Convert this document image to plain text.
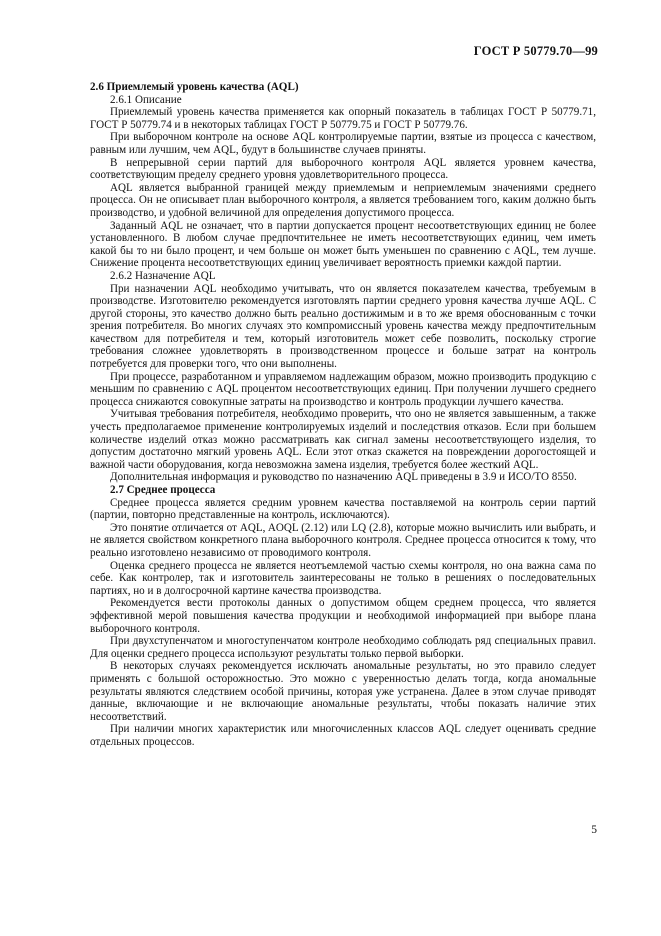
ГОСТ Р 50779.70—99

2.6 Приемлемый уровень качества (AQL)

2.6.1 Описание

Приемлемый уровень качества применяется как опорный показатель в таблицах ГОСТ Р 50779.71, ГОСТ Р 50779.74 и в некоторых таблицах ГОСТ Р 50779.75 и ГОСТ Р 50779.76.

При выборочном контроле на основе AQL контролируемые партии, взятые из процесса с качеством, равным или лучшим, чем AQL, будут в большинстве случаев приняты.

В непрерывной серии партий для выборочного контроля AQL является уровнем качества, соответствующим пределу среднего уровня удовлетворительного процесса.

AQL является выбранной границей между приемлемым и неприемлемым значениями среднего процесса. Он не описывает план выборочного контроля, а является требованием того, каким должно быть производство, и удобной величиной для определения допустимого процесса.

Заданный AQL не означает, что в партии допускается процент несоответствующих единиц не более установленного. В любом случае предпочтительнее не иметь несоответствующих единиц, чем иметь какой бы то ни было процент, и чем больше он может быть уменьшен по сравнению с AQL, тем лучше. Снижение процента несоответствующих единиц увеличивает вероятность приемки каждой партии.

2.6.2 Назначение AQL

При назначении AQL необходимо учитывать, что он является показателем качества, требуемым в производстве. Изготовителю рекомендуется изготовлять партии среднего уровня качества лучше AQL. С другой стороны, это качество должно быть реально достижимым и в то же время обоснованным с точки зрения потребителя. Во многих случаях это компромиссный уровень качества между предпочтительным качеством для потребителя и тем, который изготовитель может себе позволить, поскольку строгие требования сложнее удовлетворять в производственном процессе и больше затрат на контроль потребуется для проверки того, что они выполнены.

При процессе, разработанном и управляемом надлежащим образом, можно производить продукцию с меньшим по сравнению с AQL процентом несоответствующих единиц. При получении лучшего среднего процесса снижаются совокупные затраты на производство и контроль продукции лучшего качества.

Учитывая требования потребителя, необходимо проверить, что оно не является завышенным, а также учесть предполагаемое применение контролируемых изделий и последствия отказов. Если при большем количестве изделий отказ можно рассматривать как сигнал замены несоответствующего изделия, то допустим достаточно мягкий уровень AQL. Если этот отказ скажется на повреждении дорогостоящей и важной части оборудования, когда невозможна замена изделия, требуется более жесткий AQL.

Дополнительная информация и руководство по назначению AQL приведены в 3.9 и ИСО/ТО 8550.

2.7 Среднее процесса

Среднее процесса является средним уровнем качества поставляемой на контроль серии партий (партии, повторно представленные на контроль, исключаются).

Это понятие отличается от AQL, AOQL (2.12) или LQ (2.8), которые можно вычислить или выбрать, и не является свойством конкретного плана выборочного контроля. Среднее процесса относится к тому, что реально изготовлено независимо от проводимого контроля.

Оценка среднего процесса не является неотъемлемой частью схемы контроля, но она важна сама по себе. Как контролер, так и изготовитель заинтересованы не только в решениях о последовательных партиях, но и в долгосрочной картине качества производства.

Рекомендуется вести протоколы данных о допустимом общем среднем процесса, что является эффективной мерой повышения качества продукции и необходимой информацией при выборе плана выборочного контроля.

При двухступенчатом и многоступенчатом контроле необходимо соблюдать ряд специальных правил. Для оценки среднего процесса используют результаты только первой выборки.

В некоторых случаях рекомендуется исключать аномальные результаты, но это правило следует применять с большой осторожностью. Это можно с уверенностью делать тогда, когда аномальные результаты являются следствием особой причины, которая уже устранена. Далее в этом случае приводят данные, включающие и не включающие аномальные результаты, чтобы показать наличие этих несоответствий.

При наличии многих характеристик или многочисленных классов AQL следует оценивать средние отдельных процессов.

5
